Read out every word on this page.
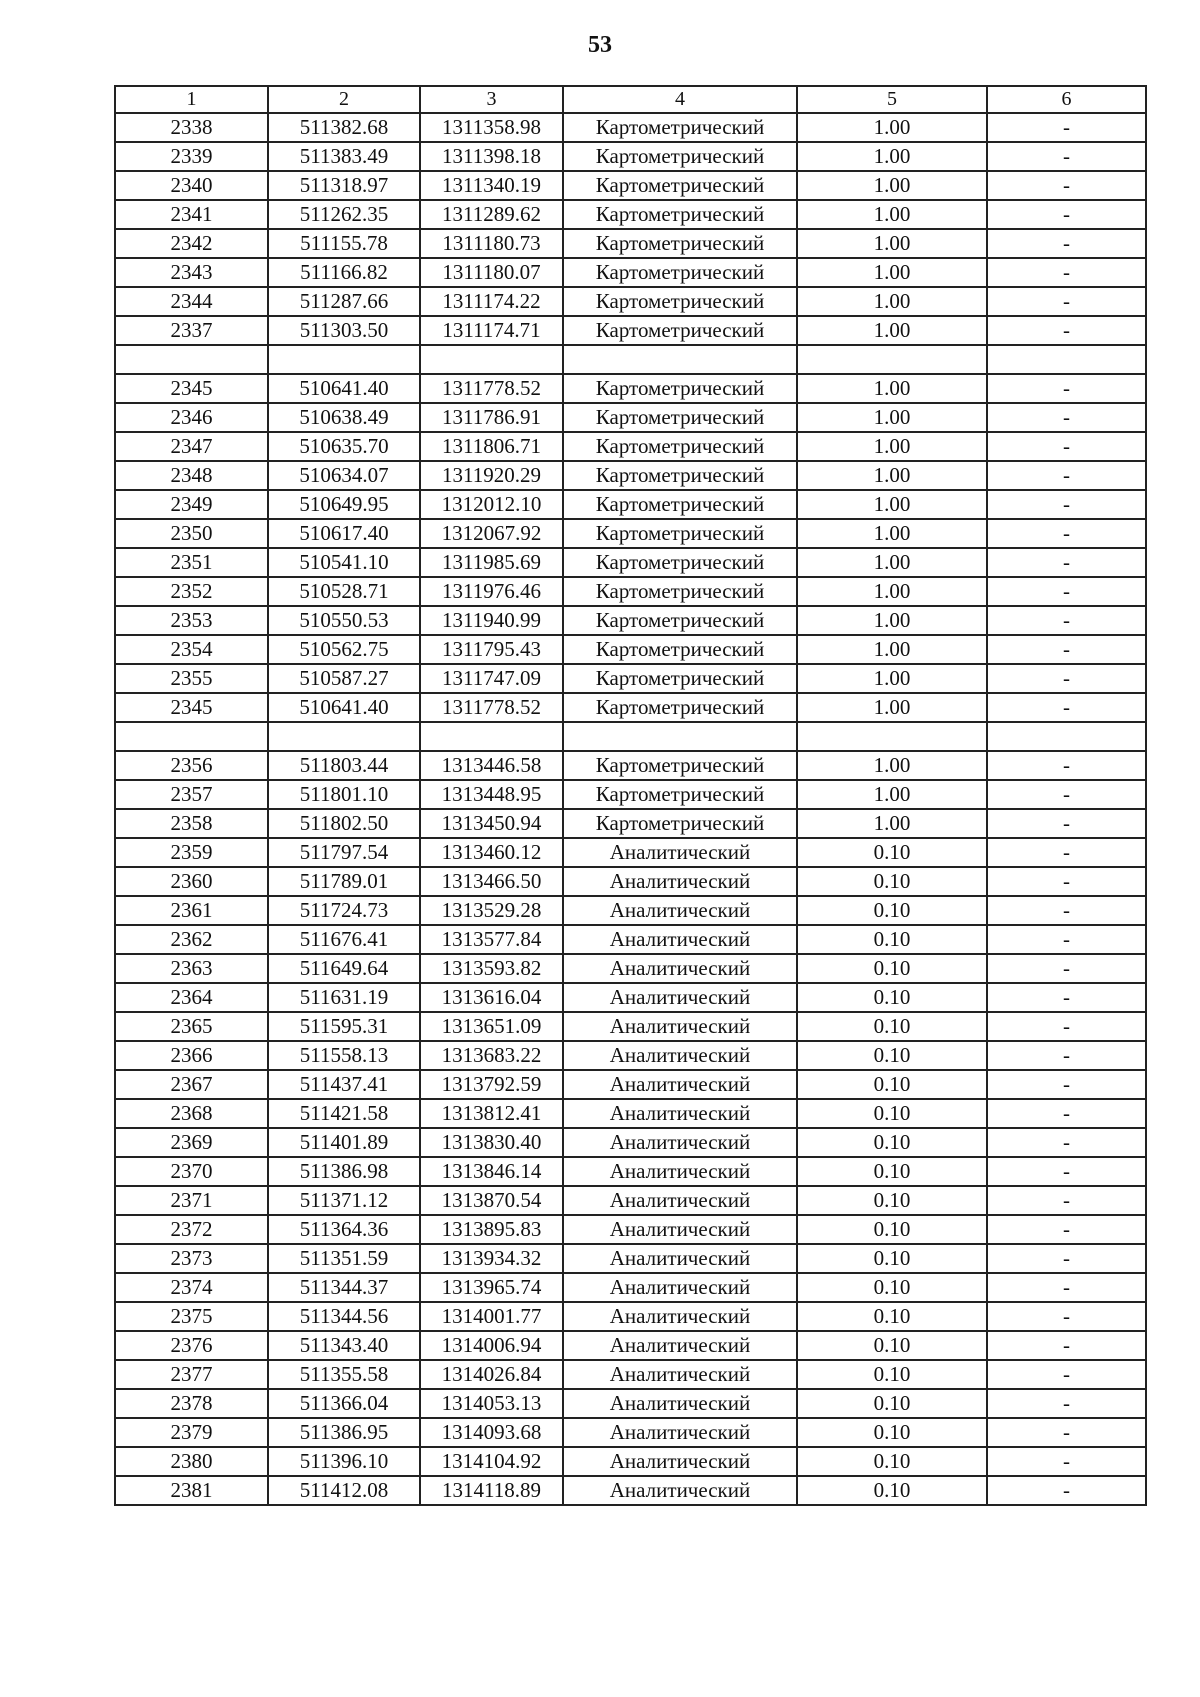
53
1	2	3	4	5	6
2338	511382.68	1311358.98	Картометрический	1.00	-
2339	511383.49	1311398.18	Картометрический	1.00	-
2340	511318.97	1311340.19	Картометрический	1.00	-
2341	511262.35	1311289.62	Картометрический	1.00	-
2342	511155.78	1311180.73	Картометрический	1.00	-
2343	511166.82	1311180.07	Картометрический	1.00	-
2344	511287.66	1311174.22	Картометрический	1.00	-
2337	511303.50	1311174.71	Картометрический	1.00	-

2345	510641.40	1311778.52	Картометрический	1.00	-
2346	510638.49	1311786.91	Картометрический	1.00	-
2347	510635.70	1311806.71	Картометрический	1.00	-
2348	510634.07	1311920.29	Картометрический	1.00	-
2349	510649.95	1312012.10	Картометрический	1.00	-
2350	510617.40	1312067.92	Картометрический	1.00	-
2351	510541.10	1311985.69	Картометрический	1.00	-
2352	510528.71	1311976.46	Картометрический	1.00	-
2353	510550.53	1311940.99	Картометрический	1.00	-
2354	510562.75	1311795.43	Картометрический	1.00	-
2355	510587.27	1311747.09	Картометрический	1.00	-
2345	510641.40	1311778.52	Картометрический	1.00	-

2356	511803.44	1313446.58	Картометрический	1.00	-
2357	511801.10	1313448.95	Картометрический	1.00	-
2358	511802.50	1313450.94	Картометрический	1.00	-
2359	511797.54	1313460.12	Аналитический	0.10	-
2360	511789.01	1313466.50	Аналитический	0.10	-
2361	511724.73	1313529.28	Аналитический	0.10	-
2362	511676.41	1313577.84	Аналитический	0.10	-
2363	511649.64	1313593.82	Аналитический	0.10	-
2364	511631.19	1313616.04	Аналитический	0.10	-
2365	511595.31	1313651.09	Аналитический	0.10	-
2366	511558.13	1313683.22	Аналитический	0.10	-
2367	511437.41	1313792.59	Аналитический	0.10	-
2368	511421.58	1313812.41	Аналитический	0.10	-
2369	511401.89	1313830.40	Аналитический	0.10	-
2370	511386.98	1313846.14	Аналитический	0.10	-
2371	511371.12	1313870.54	Аналитический	0.10	-
2372	511364.36	1313895.83	Аналитический	0.10	-
2373	511351.59	1313934.32	Аналитический	0.10	-
2374	511344.37	1313965.74	Аналитический	0.10	-
2375	511344.56	1314001.77	Аналитический	0.10	-
2376	511343.40	1314006.94	Аналитический	0.10	-
2377	511355.58	1314026.84	Аналитический	0.10	-
2378	511366.04	1314053.13	Аналитический	0.10	-
2379	511386.95	1314093.68	Аналитический	0.10	-
2380	511396.10	1314104.92	Аналитический	0.10	-
2381	511412.08	1314118.89	Аналитический	0.10	-
